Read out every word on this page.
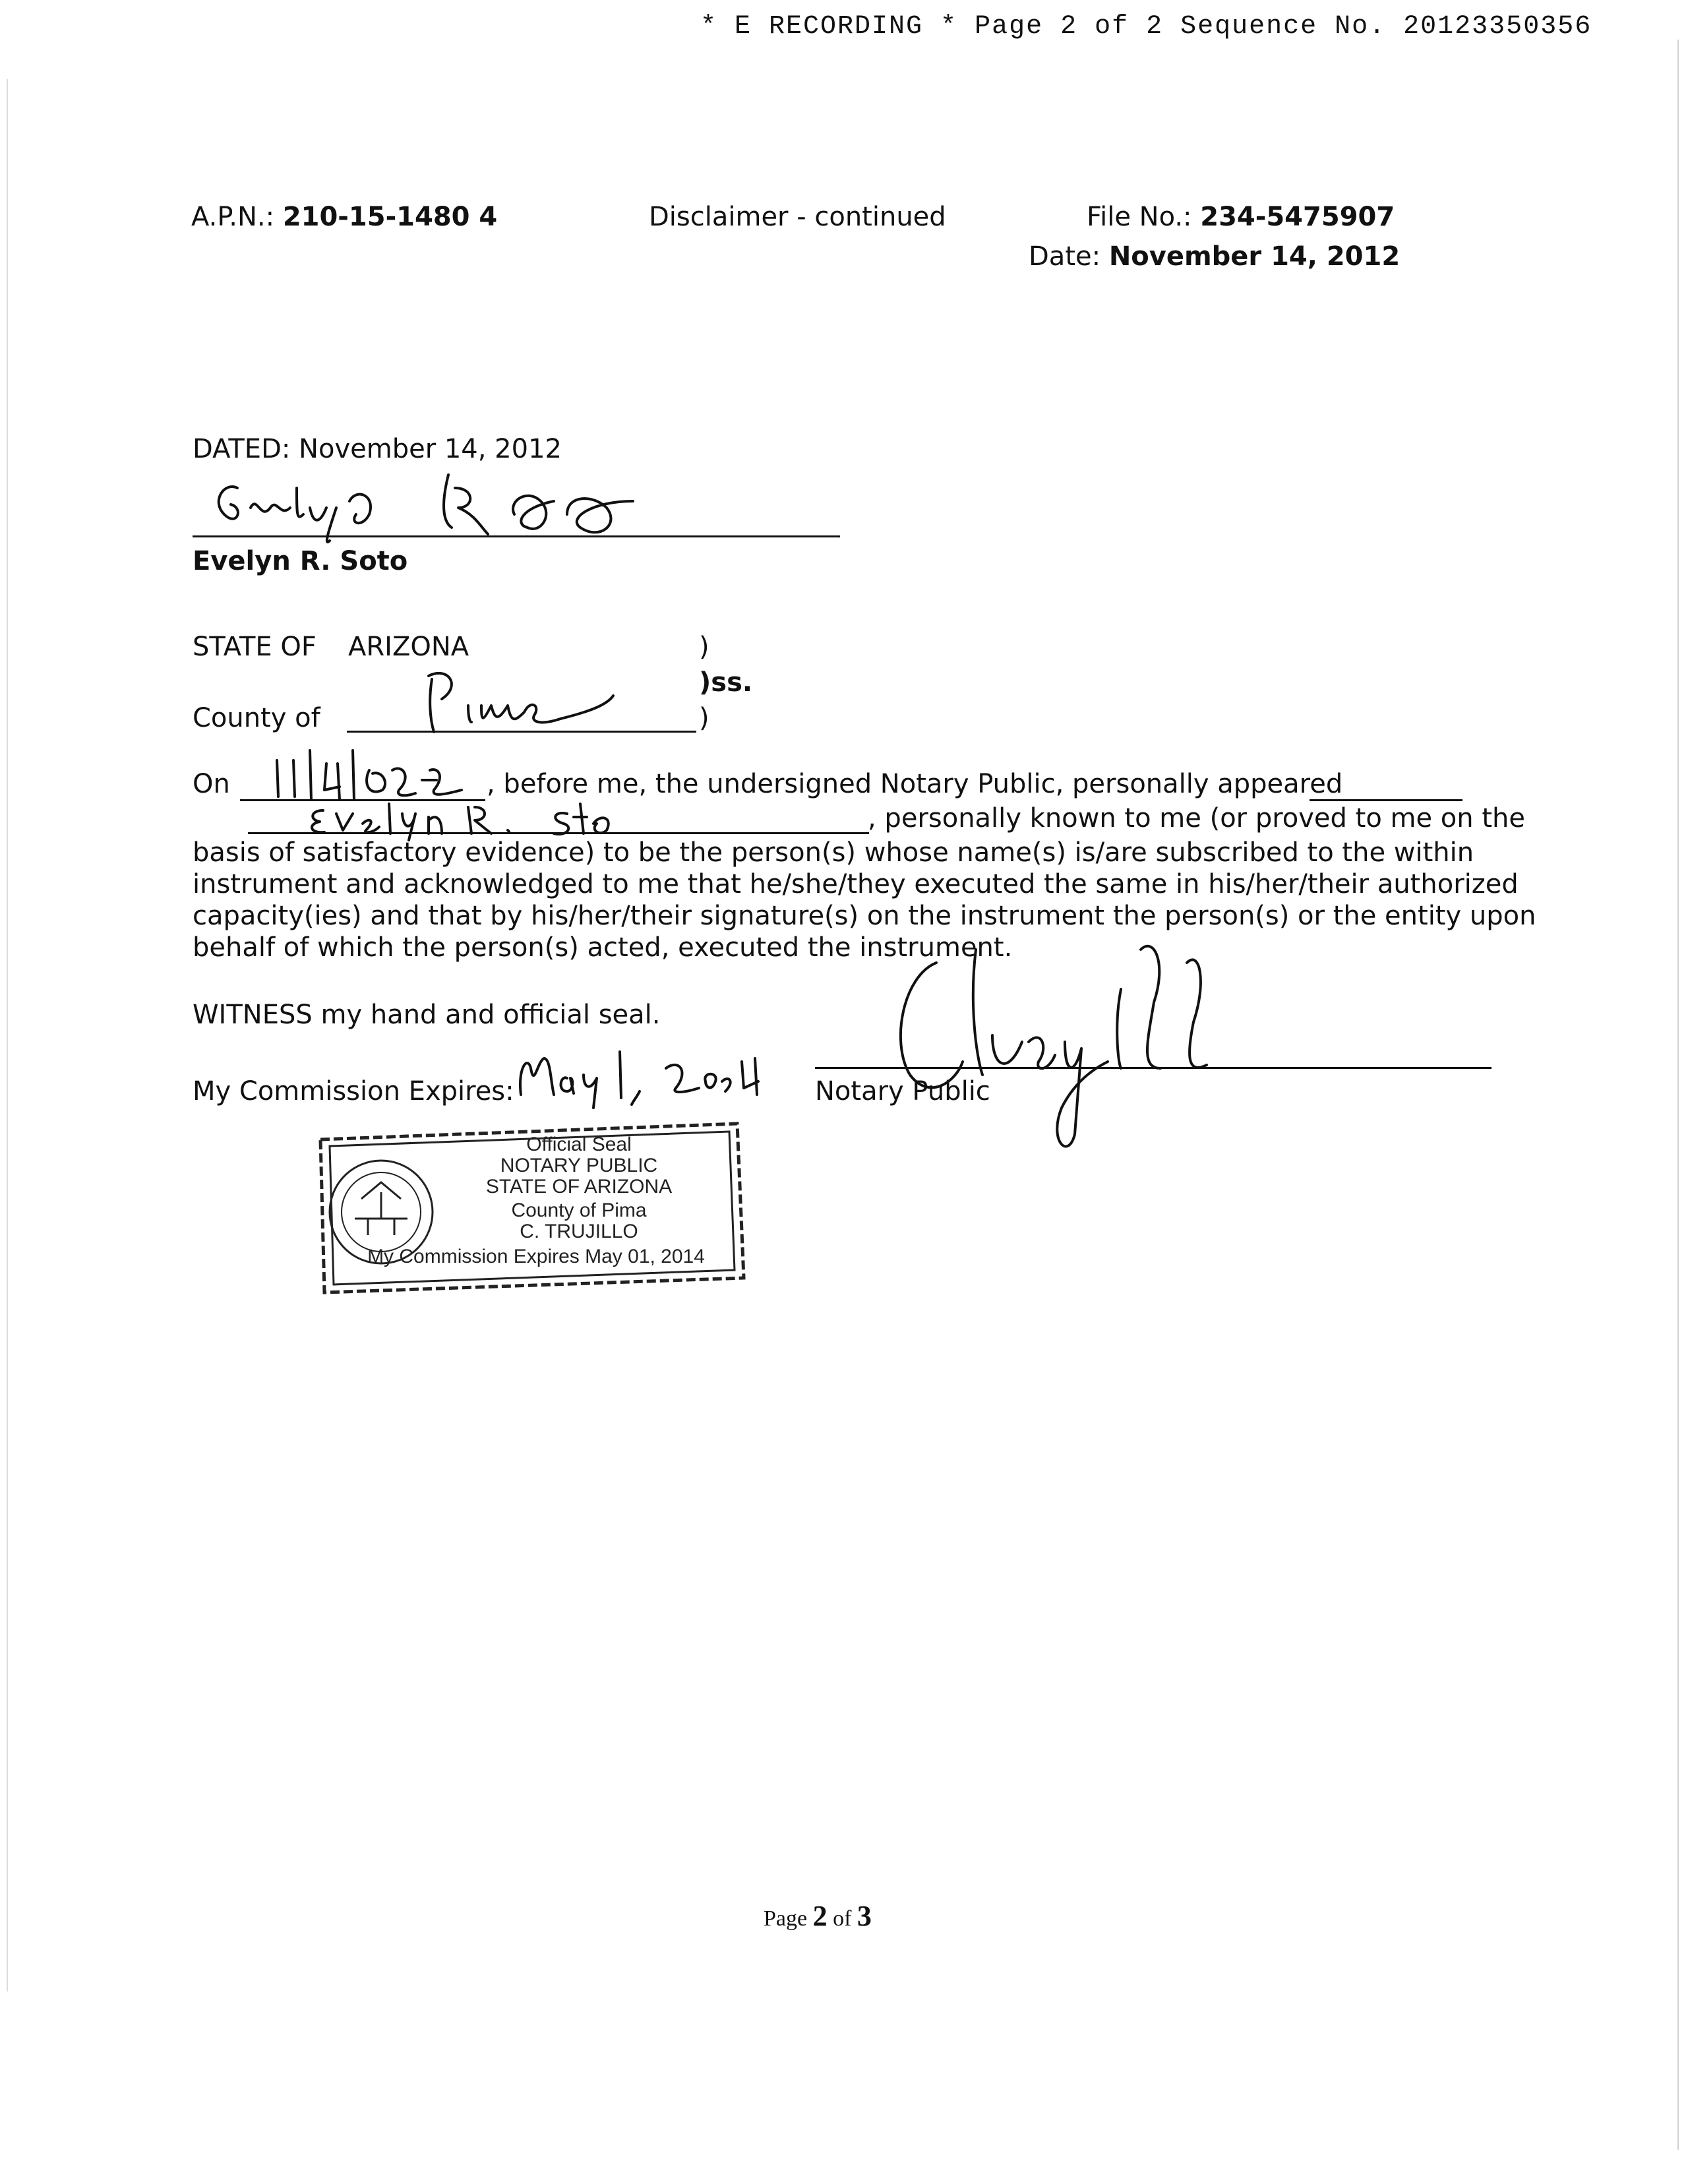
* E RECORDING * Page 2 of 2 Sequence No. 20123350356
A.P.N.: 210-15-1480 4	Disclaimer - continued	File No.: 234-5475907
Date: November 14, 2012
DATED: November 14, 2012
Evelyn R. Soto
STATE OF ARIZONA	)
)ss.
County of	)
On	, before me, the undersigned Notary Public, personally appeared
, personally known to me (or proved to me on the
basis of satisfactory evidence) to be the person(s) whose name(s) is/are subscribed to the within
instrument and acknowledged to me that he/she/they executed the same in his/her/their authorized
capacity(ies) and that by his/her/their signature(s) on the instrument the person(s) or the entity upon
behalf of which the person(s) acted, executed the instrument.
WITNESS my hand and official seal.
My Commission Expires:	Notary Public
Official Seal
NOTARY PUBLIC
STATE OF ARIZONA
County of Pima
C. TRUJILLO
My Commission Expires May 01, 2014
Page 2 of 3
